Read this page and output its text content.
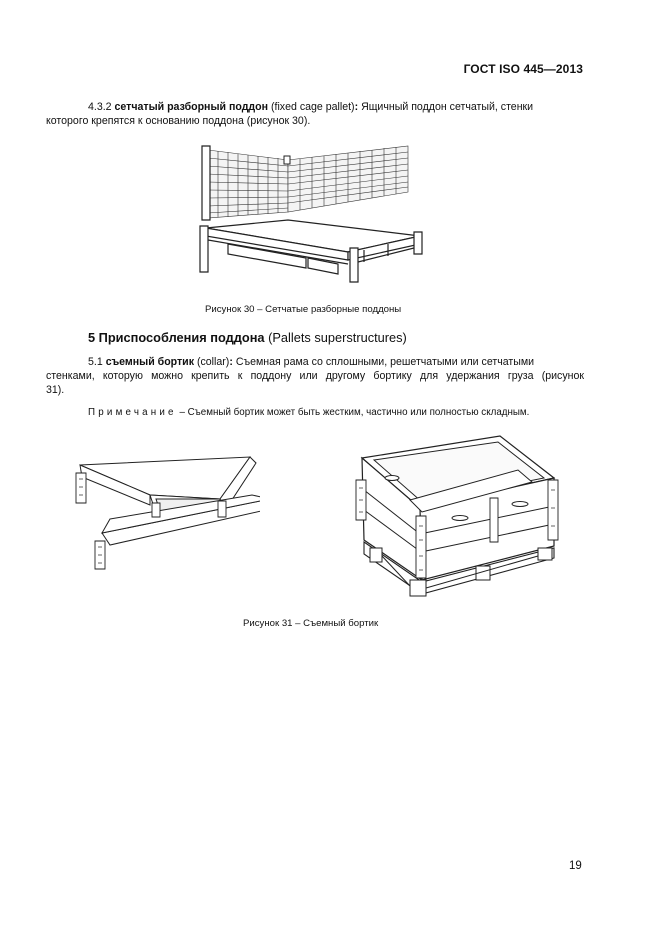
ГОСТ ISO 445—2013
4.3.2 сетчатый разборный поддон (fixed cage pallet): Ящичный поддон сетчатый, стенки
которого крепятся к основанию поддона (рисунок 30).
Рисунок 30 – Сетчатые разборные поддоны
5 Приспособления поддона (Pallets superstructures)
5.1 съемный бортик (collar): Съемная рама со сплошными, решетчатыми или сетчатыми
стенками, которую можно крепить к поддону или другому бортику для удержания груза (рисунок
31).
Примечание – Съемный бортик может быть жестким, частично или полностью складным.
Рисунок 31 – Съемный бортик
19
